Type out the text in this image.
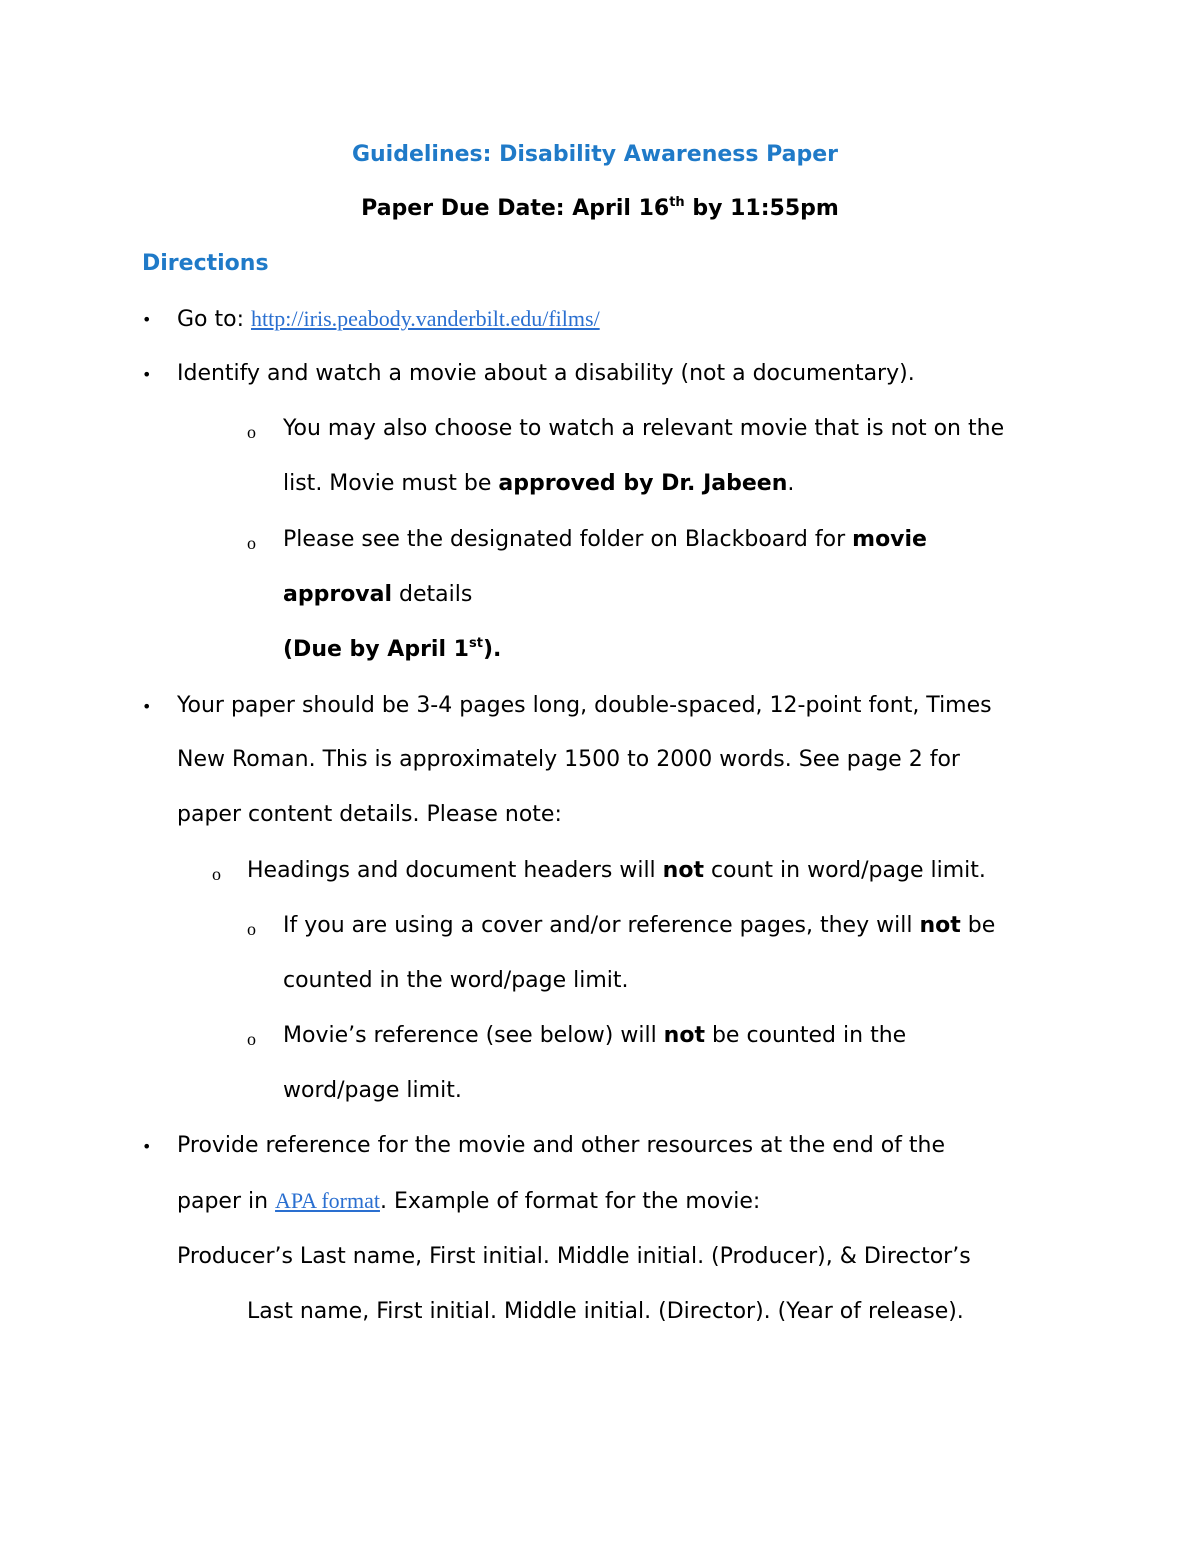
Guidelines: Disability Awareness Paper
Paper Due Date: April 16th by 11:55pm
Directions
• Go to: http://iris.peabody.vanderbilt.edu/films/
• Identify and watch a movie about a disability (not a documentary).
o You may also choose to watch a relevant movie that is not on the
list. Movie must be approved by Dr. Jabeen.
o Please see the designated folder on Blackboard for movie
approval details
(Due by April 1st).
• Your paper should be 3-4 pages long, double-spaced, 12-point font, Times
New Roman. This is approximately 1500 to 2000 words. See page 2 for
paper content details. Please note:
o Headings and document headers will not count in word/page limit.
o If you are using a cover and/or reference pages, they will not be
counted in the word/page limit.
o Movie’s reference (see below) will not be counted in the
word/page limit.
• Provide reference for the movie and other resources at the end of the
paper in APA format. Example of format for the movie:
Producer’s Last name, First initial. Middle initial. (Producer), & Director’s
Last name, First initial. Middle initial. (Director). (Year of release).
